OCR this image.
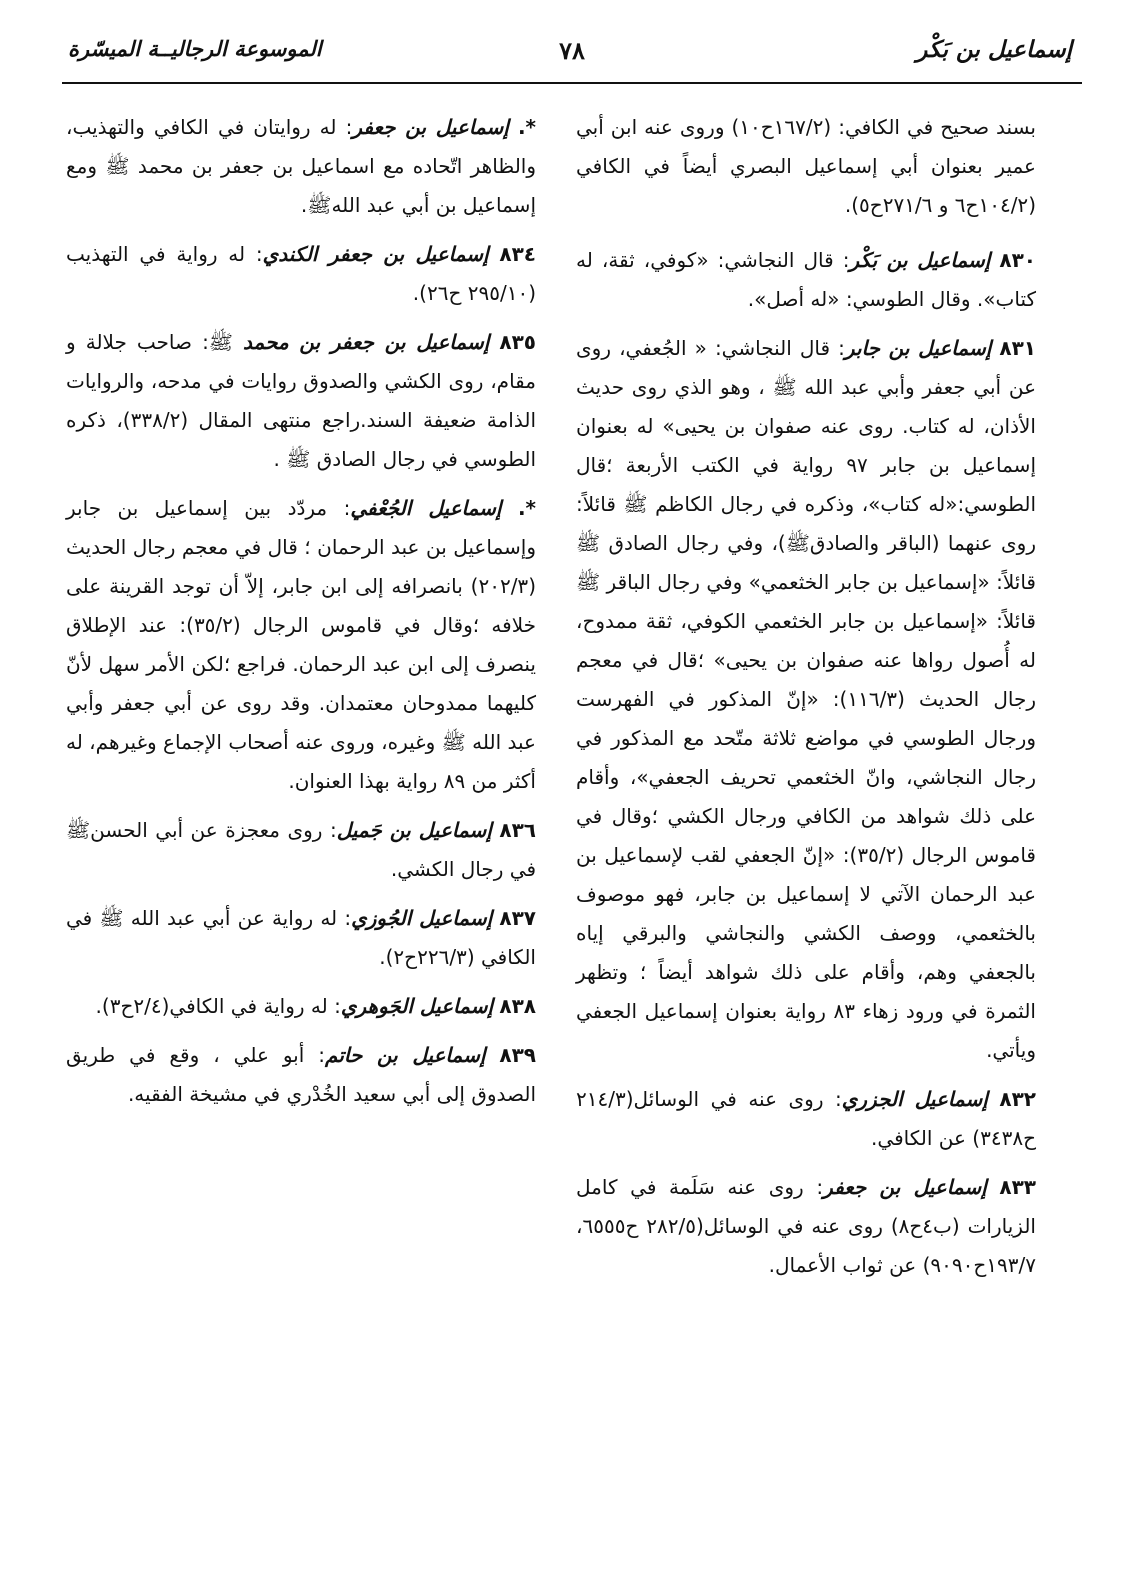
إسماعيل بن بَكْر
٧٨
الموسوعة الرجاليــة الميسّرة

بسند صحيح في الكافي: (١٦٧/٢ح١٠) وروى عنه ابن أبي عمير بعنوان أبي إسماعيل البصري أيضاً في الكافي (١٠٤/٢ح٦ و ٢٧١/٦ح٥).

٨٣٠ إسماعيل بن بَكْر: قال النجاشي: «كوفي، ثقة، له كتاب». وقال الطوسي: «له أصل».

٨٣١ إسماعيل بن جابر: قال النجاشي: « الجُعفي، روى عن أبي جعفر وأبي عبد الله ﷺ ، وهو الذي روى حديث الأذان، له كتاب. روى عنه صفوان بن يحيى» له بعنوان إسماعيل بن جابر ٩٧ رواية في الكتب الأربعة ؛قال الطوسي:«له كتاب»، وذكره في رجال الكاظم ﷺ قائلاً: روى عنهما (الباقر والصادقﷺ)، وفي رجال الصادق ﷺ قائلاً: «إسماعيل بن جابر الخثعمي» وفي رجال الباقر ﷺ قائلاً: «إسماعيل بن جابر الخثعمي الكوفي، ثقة ممدوح، له أُصول رواها عنه صفوان بن يحيى» ؛قال في معجم رجال الحديث (١١٦/٣): «إنّ المذكور في الفهرست ورجال الطوسي في مواضع ثلاثة متّحد مع المذكور في رجال النجاشي، وانّ الخثعمي تحريف الجعفي»، وأقام على ذلك شواهد من الكافي ورجال الكشي ؛وقال في قاموس الرجال (٣٥/٢): «إنّ الجعفي لقب لإسماعيل بن عبد الرحمان الآتي لا إسماعيل بن جابر، فهو موصوف بالخثعمي، ووصف الكشي والنجاشي والبرقي إياه بالجعفي وهم، وأقام على ذلك شواهد أيضاً ؛ وتظهر الثمرة في ورود زهاء ٨٣ رواية بعنوان إسماعيل الجعفي ويأتي.

٨٣٢ إسماعيل الجزري: روى عنه في الوسائل(٢١٤/٣ ح٣٤٣٨) عن الكافي.

٨٣٣ إسماعيل بن جعفر: روى عنه سَلَمة في كامل الزيارات (ب٤ح٨) روى عنه في الوسائل(٢٨٢/٥ ح٦٥٥٥، ١٩٣/٧ح٩٠٩٠) عن ثواب الأعمال.

*. إسماعيل بن جعفر: له روايتان في الكافي والتهذيب، والظاهر اتّحاده مع اسماعيل بن جعفر بن محمد ﷺ ومع إسماعيل بن أبي عبد اللهﷺ.

٨٣٤ إسماعيل بن جعفر الكندي: له رواية في التهذيب (٢٩٥/١٠ ح٢٦).

٨٣٥ إسماعيل بن جعفر بن محمد ﷺ: صاحب جلالة و مقام، روى الكشي والصدوق روايات في مدحه، والروايات الذامة ضعيفة السند.راجع منتهى المقال (٣٣٨/٢)، ذكره الطوسي في رجال الصادق ﷺ .

*. إسماعيل الجُعْفي: مردّد بين إسماعيل بن جابر وإسماعيل بن عبد الرحمان ؛ قال في معجم رجال الحديث (٢٠٢/٣) بانصرافه إلى ابن جابر، إلاّ أن توجد القرينة على خلافه ؛وقال في قاموس الرجال (٣٥/٢): عند الإطلاق ينصرف إلى ابن عبد الرحمان. فراجع ؛لكن الأمر سهل لأنّ كليهما ممدوحان معتمدان. وقد روى عن أبي جعفر وأبي عبد الله ﷺ وغيره، وروى عنه أصحاب الإجماع وغيرهم، له أكثر من ٨٩ رواية بهذا العنوان.

٨٣٦ إسماعيل بن جَميل: روى معجزة عن أبي الحسنﷺ في رجال الكشي.

٨٣٧ إسماعيل الجُوزي: له رواية عن أبي عبد الله ﷺ في الكافي (٢٢٦/٣ح٢).

٨٣٨ إسماعيل الجَوهري: له رواية في الكافي(٢/٤ح٣).

٨٣٩ إسماعيل بن حاتم: أبو علي ، وقع في طريق الصدوق إلى أبي سعيد الخُدْري في مشيخة الفقيه.
